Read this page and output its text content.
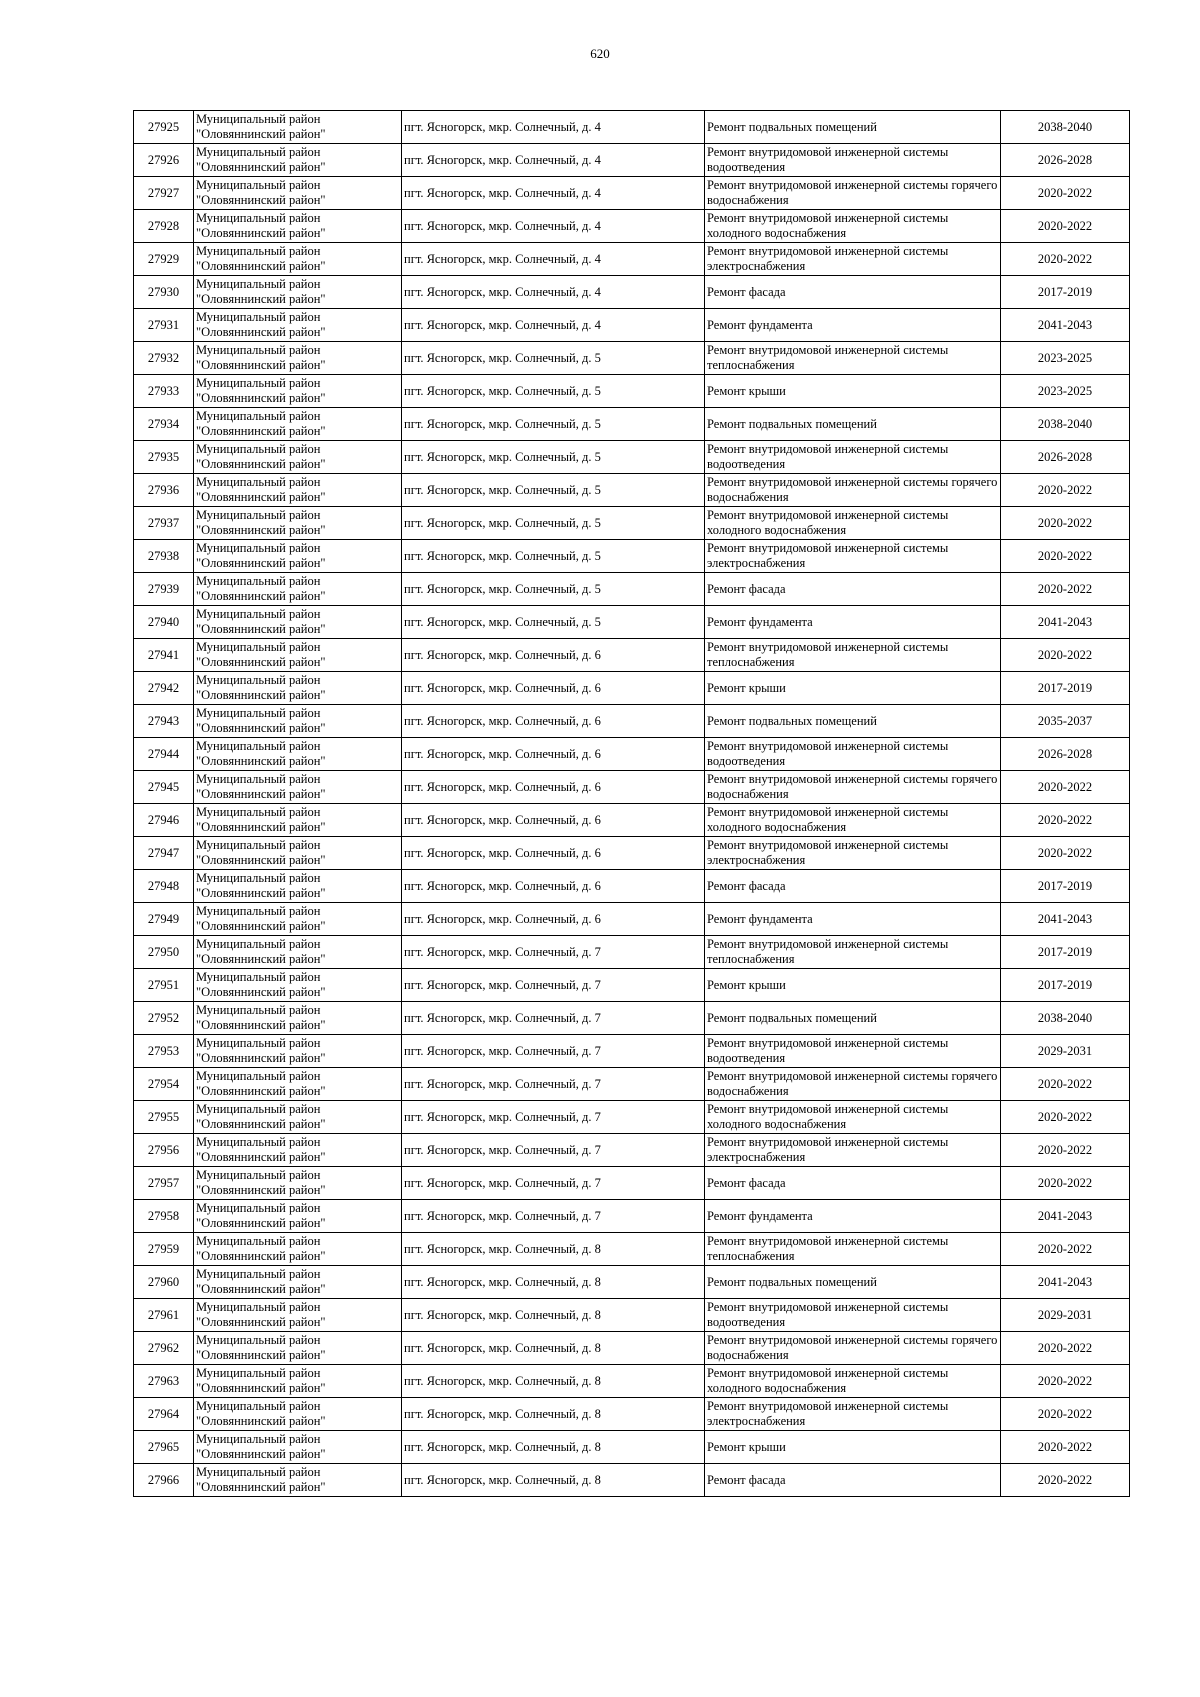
620
27925	Муниципальный район "Оловяннинский район"	пгт. Ясногорск, мкр. Солнечный, д. 4	Ремонт подвальных помещений	2038-2040
27926	Муниципальный район "Оловяннинский район"	пгт. Ясногорск, мкр. Солнечный, д. 4	Ремонт внутридомовой инженерной системы водоотведения	2026-2028
27927	Муниципальный район "Оловяннинский район"	пгт. Ясногорск, мкр. Солнечный, д. 4	Ремонт внутридомовой инженерной системы горячего водоснабжения	2020-2022
27928	Муниципальный район "Оловяннинский район"	пгт. Ясногорск, мкр. Солнечный, д. 4	Ремонт внутридомовой инженерной системы холодного водоснабжения	2020-2022
27929	Муниципальный район "Оловяннинский район"	пгт. Ясногорск, мкр. Солнечный, д. 4	Ремонт внутридомовой инженерной системы электроснабжения	2020-2022
27930	Муниципальный район "Оловяннинский район"	пгт. Ясногорск, мкр. Солнечный, д. 4	Ремонт фасада	2017-2019
27931	Муниципальный район "Оловяннинский район"	пгт. Ясногорск, мкр. Солнечный, д. 4	Ремонт фундамента	2041-2043
27932	Муниципальный район "Оловяннинский район"	пгт. Ясногорск, мкр. Солнечный, д. 5	Ремонт внутридомовой инженерной системы теплоснабжения	2023-2025
27933	Муниципальный район "Оловяннинский район"	пгт. Ясногорск, мкр. Солнечный, д. 5	Ремонт крыши	2023-2025
27934	Муниципальный район "Оловяннинский район"	пгт. Ясногорск, мкр. Солнечный, д. 5	Ремонт подвальных помещений	2038-2040
27935	Муниципальный район "Оловяннинский район"	пгт. Ясногорск, мкр. Солнечный, д. 5	Ремонт внутридомовой инженерной системы водоотведения	2026-2028
27936	Муниципальный район "Оловяннинский район"	пгт. Ясногорск, мкр. Солнечный, д. 5	Ремонт внутридомовой инженерной системы горячего водоснабжения	2020-2022
27937	Муниципальный район "Оловяннинский район"	пгт. Ясногорск, мкр. Солнечный, д. 5	Ремонт внутридомовой инженерной системы холодного водоснабжения	2020-2022
27938	Муниципальный район "Оловяннинский район"	пгт. Ясногорск, мкр. Солнечный, д. 5	Ремонт внутридомовой инженерной системы электроснабжения	2020-2022
27939	Муниципальный район "Оловяннинский район"	пгт. Ясногорск, мкр. Солнечный, д. 5	Ремонт фасада	2020-2022
27940	Муниципальный район "Оловяннинский район"	пгт. Ясногорск, мкр. Солнечный, д. 5	Ремонт фундамента	2041-2043
27941	Муниципальный район "Оловяннинский район"	пгт. Ясногорск, мкр. Солнечный, д. 6	Ремонт внутридомовой инженерной системы теплоснабжения	2020-2022
27942	Муниципальный район "Оловяннинский район"	пгт. Ясногорск, мкр. Солнечный, д. 6	Ремонт крыши	2017-2019
27943	Муниципальный район "Оловяннинский район"	пгт. Ясногорск, мкр. Солнечный, д. 6	Ремонт подвальных помещений	2035-2037
27944	Муниципальный район "Оловяннинский район"	пгт. Ясногорск, мкр. Солнечный, д. 6	Ремонт внутридомовой инженерной системы водоотведения	2026-2028
27945	Муниципальный район "Оловяннинский район"	пгт. Ясногорск, мкр. Солнечный, д. 6	Ремонт внутридомовой инженерной системы горячего водоснабжения	2020-2022
27946	Муниципальный район "Оловяннинский район"	пгт. Ясногорск, мкр. Солнечный, д. 6	Ремонт внутридомовой инженерной системы холодного водоснабжения	2020-2022
27947	Муниципальный район "Оловяннинский район"	пгт. Ясногорск, мкр. Солнечный, д. 6	Ремонт внутридомовой инженерной системы электроснабжения	2020-2022
27948	Муниципальный район "Оловяннинский район"	пгт. Ясногорск, мкр. Солнечный, д. 6	Ремонт фасада	2017-2019
27949	Муниципальный район "Оловяннинский район"	пгт. Ясногорск, мкр. Солнечный, д. 6	Ремонт фундамента	2041-2043
27950	Муниципальный район "Оловяннинский район"	пгт. Ясногорск, мкр. Солнечный, д. 7	Ремонт внутридомовой инженерной системы теплоснабжения	2017-2019
27951	Муниципальный район "Оловяннинский район"	пгт. Ясногорск, мкр. Солнечный, д. 7	Ремонт крыши	2017-2019
27952	Муниципальный район "Оловяннинский район"	пгт. Ясногорск, мкр. Солнечный, д. 7	Ремонт подвальных помещений	2038-2040
27953	Муниципальный район "Оловяннинский район"	пгт. Ясногорск, мкр. Солнечный, д. 7	Ремонт внутридомовой инженерной системы водоотведения	2029-2031
27954	Муниципальный район "Оловяннинский район"	пгт. Ясногорск, мкр. Солнечный, д. 7	Ремонт внутридомовой инженерной системы горячего водоснабжения	2020-2022
27955	Муниципальный район "Оловяннинский район"	пгт. Ясногорск, мкр. Солнечный, д. 7	Ремонт внутридомовой инженерной системы холодного водоснабжения	2020-2022
27956	Муниципальный район "Оловяннинский район"	пгт. Ясногорск, мкр. Солнечный, д. 7	Ремонт внутридомовой инженерной системы электроснабжения	2020-2022
27957	Муниципальный район "Оловяннинский район"	пгт. Ясногорск, мкр. Солнечный, д. 7	Ремонт фасада	2020-2022
27958	Муниципальный район "Оловяннинский район"	пгт. Ясногорск, мкр. Солнечный, д. 7	Ремонт фундамента	2041-2043
27959	Муниципальный район "Оловяннинский район"	пгт. Ясногорск, мкр. Солнечный, д. 8	Ремонт внутридомовой инженерной системы теплоснабжения	2020-2022
27960	Муниципальный район "Оловяннинский район"	пгт. Ясногорск, мкр. Солнечный, д. 8	Ремонт подвальных помещений	2041-2043
27961	Муниципальный район "Оловяннинский район"	пгт. Ясногорск, мкр. Солнечный, д. 8	Ремонт внутридомовой инженерной системы водоотведения	2029-2031
27962	Муниципальный район "Оловяннинский район"	пгт. Ясногорск, мкр. Солнечный, д. 8	Ремонт внутридомовой инженерной системы горячего водоснабжения	2020-2022
27963	Муниципальный район "Оловяннинский район"	пгт. Ясногорск, мкр. Солнечный, д. 8	Ремонт внутридомовой инженерной системы холодного водоснабжения	2020-2022
27964	Муниципальный район "Оловяннинский район"	пгт. Ясногорск, мкр. Солнечный, д. 8	Ремонт внутридомовой инженерной системы электроснабжения	2020-2022
27965	Муниципальный район "Оловяннинский район"	пгт. Ясногорск, мкр. Солнечный, д. 8	Ремонт крыши	2020-2022
27966	Муниципальный район "Оловяннинский район"	пгт. Ясногорск, мкр. Солнечный, д. 8	Ремонт фасада	2020-2022
